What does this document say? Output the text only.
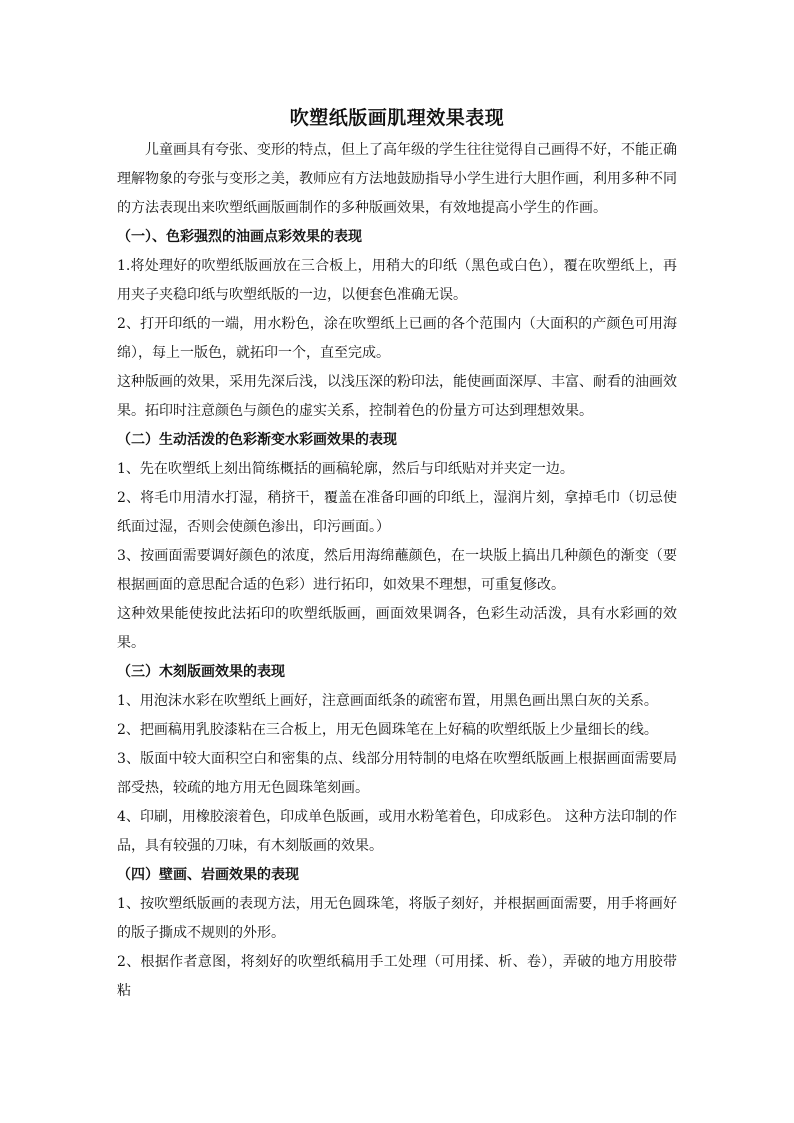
吹塑纸版画肌理效果表现

儿童画具有夸张、变形的特点，但上了高年级的学生往往觉得自己画得不好，不能正确理解物象的夸张与变形之美，教师应有方法地鼓励指导小学生进行大胆作画，利用多种不同的方法表现出来吹塑纸画版画制作的多种版画效果，有效地提高小学生的作画。

（一）、色彩强烈的油画点彩效果的表现

1.将处理好的吹塑纸版画放在三合板上，用稍大的印纸（黑色或白色），覆在吹塑纸上，再用夹子夹稳印纸与吹塑纸版的一边，以便套色准确无误。

2、打开印纸的一端，用水粉色，涂在吹塑纸上已画的各个范围内（大面积的产颜色可用海绵），每上一版色，就拓印一个，直至完成。

这种版画的效果，采用先深后浅，以浅压深的粉印法，能使画面深厚、丰富、耐看的油画效果。拓印时注意颜色与颜色的虚实关系，控制着色的份量方可达到理想效果。

（二）生动活泼的色彩渐变水彩画效果的表现

1、先在吹塑纸上刻出简练概括的画稿轮廓，然后与印纸贴对并夹定一边。

2、将毛巾用清水打湿，稍挤干，覆盖在准备印画的印纸上，湿润片刻，拿掉毛巾（切忌使纸面过湿，否则会使颜色渗出，印污画面。）

3、按画面需要调好颜色的浓度，然后用海绵蘸颜色，在一块版上搞出几种颜色的渐变（要根据画面的意思配合适的色彩）进行拓印，如效果不理想，可重复修改。

这种效果能使按此法拓印的吹塑纸版画，画面效果调各，色彩生动活泼，具有水彩画的效果。

（三）木刻版画效果的表现

1、用泡沫水彩在吹塑纸上画好，注意画面纸条的疏密布置，用黑色画出黑白灰的关系。

2、把画稿用乳胶漆粘在三合板上，用无色圆珠笔在上好稿的吹塑纸版上少量细长的线。

3、版面中较大面积空白和密集的点、线部分用特制的电烙在吹塑纸版画上根据画面需要局部受热，较疏的地方用无色圆珠笔刻画。

4、印刷，用橡胶滚着色，印成单色版画，或用水粉笔着色，印成彩色。 这种方法印制的作品，具有较强的刀味，有木刻版画的效果。

（四）壁画、岩画效果的表现

1、按吹塑纸版画的表现方法，用无色圆珠笔，将版子刻好，并根据画面需要，用手将画好的版子撕成不规则的外形。

2、根据作者意图，将刻好的吹塑纸稿用手工处理（可用揉、析、卷），弄破的地方用胶带粘
